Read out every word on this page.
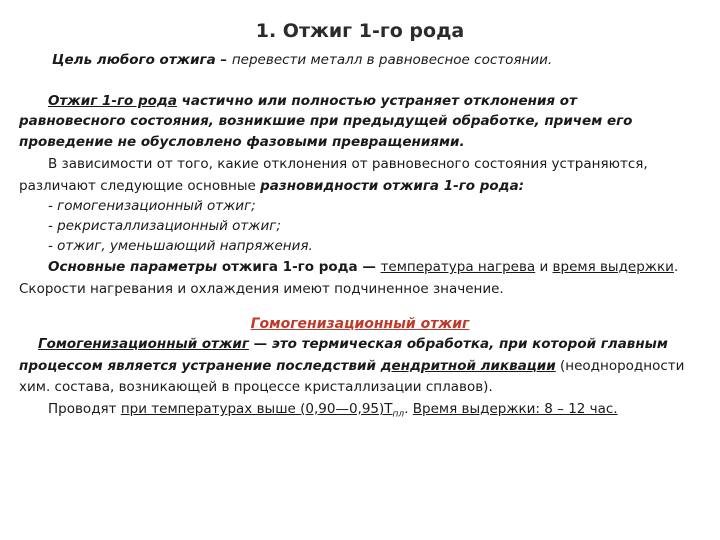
1. Отжиг 1-го рода
Цель любого отжига – перевести металл в равновесное состоянии.
Отжиг 1-го рода частично или полностью устраняет отклонения от
равновесного состояния, возникшие при предыдущей обработке, причем его
проведение не обусловлено фазовыми превращениями.
В зависимости от того, какие отклонения от равновесного состояния устраняются,
различают следующие основные разновидности отжига 1-го рода:
- гомогенизационный отжиг;
- рекристаллизационный отжиг;
- отжиг, уменьшающий напряжения.
Основные параметры отжига 1-го рода — температура нагрева и время выдержки.
Скорости нагревания и охлаждения имеют подчиненное значение.
Гомогенизационный отжиг
Гомогенизационный отжиг — это термическая обработка, при которой главным
процессом является устранение последствий дендритной ликвации (неоднородности
хим. состава, возникающей в процессе кристаллизации сплавов).
Проводят при температурах выше $(0,90—0,95)T_{пл}$. Время выдержки: 8 – 12 час.
